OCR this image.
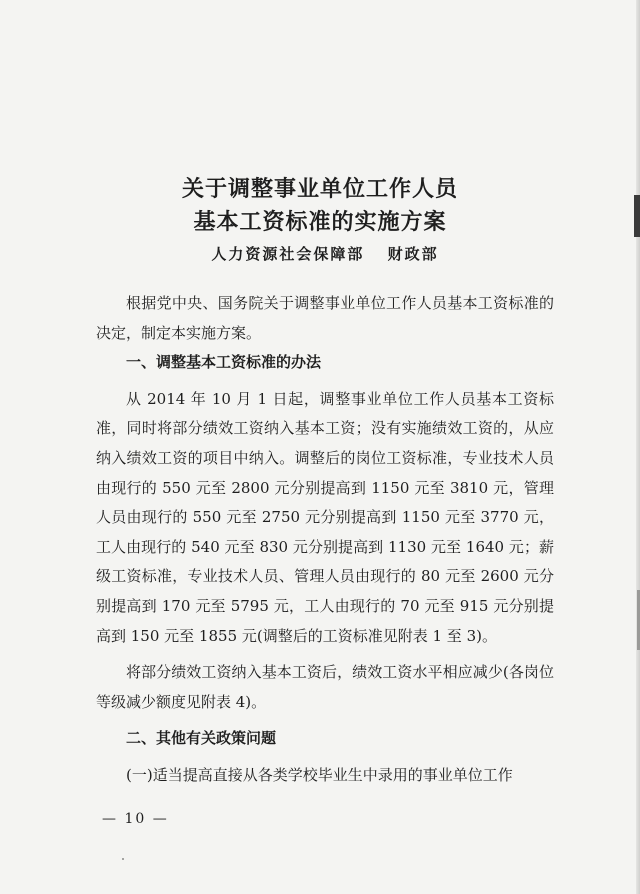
关于调整事业单位工作人员
基本工资标准的实施方案
人力资源社会保障部 财政部

根据党中央、国务院关于调整事业单位工作人员基本工资标准的决定，制定本实施方案。

一、调整基本工资标准的办法

从 2014 年 10 月 1 日起，调整事业单位工作人员基本工资标准，同时将部分绩效工资纳入基本工资；没有实施绩效工资的，从应纳入绩效工资的项目中纳入。调整后的岗位工资标准，专业技术人员由现行的 550 元至 2800 元分别提高到 1150 元至 3810 元，管理人员由现行的 550 元至 2750 元分别提高到 1150 元至 3770 元，工人由现行的 540 元至 830 元分别提高到 1130 元至 1640 元；薪级工资标准，专业技术人员、管理人员由现行的 80 元至 2600 元分别提高到 170 元至 5795 元，工人由现行的 70 元至 915 元分别提高到 150 元至 1855 元(调整后的工资标准见附表 1 至 3)。

将部分绩效工资纳入基本工资后，绩效工资水平相应减少(各岗位等级减少额度见附表 4)。

二、其他有关政策问题

(一)适当提高直接从各类学校毕业生中录用的事业单位工作

— 10 —
